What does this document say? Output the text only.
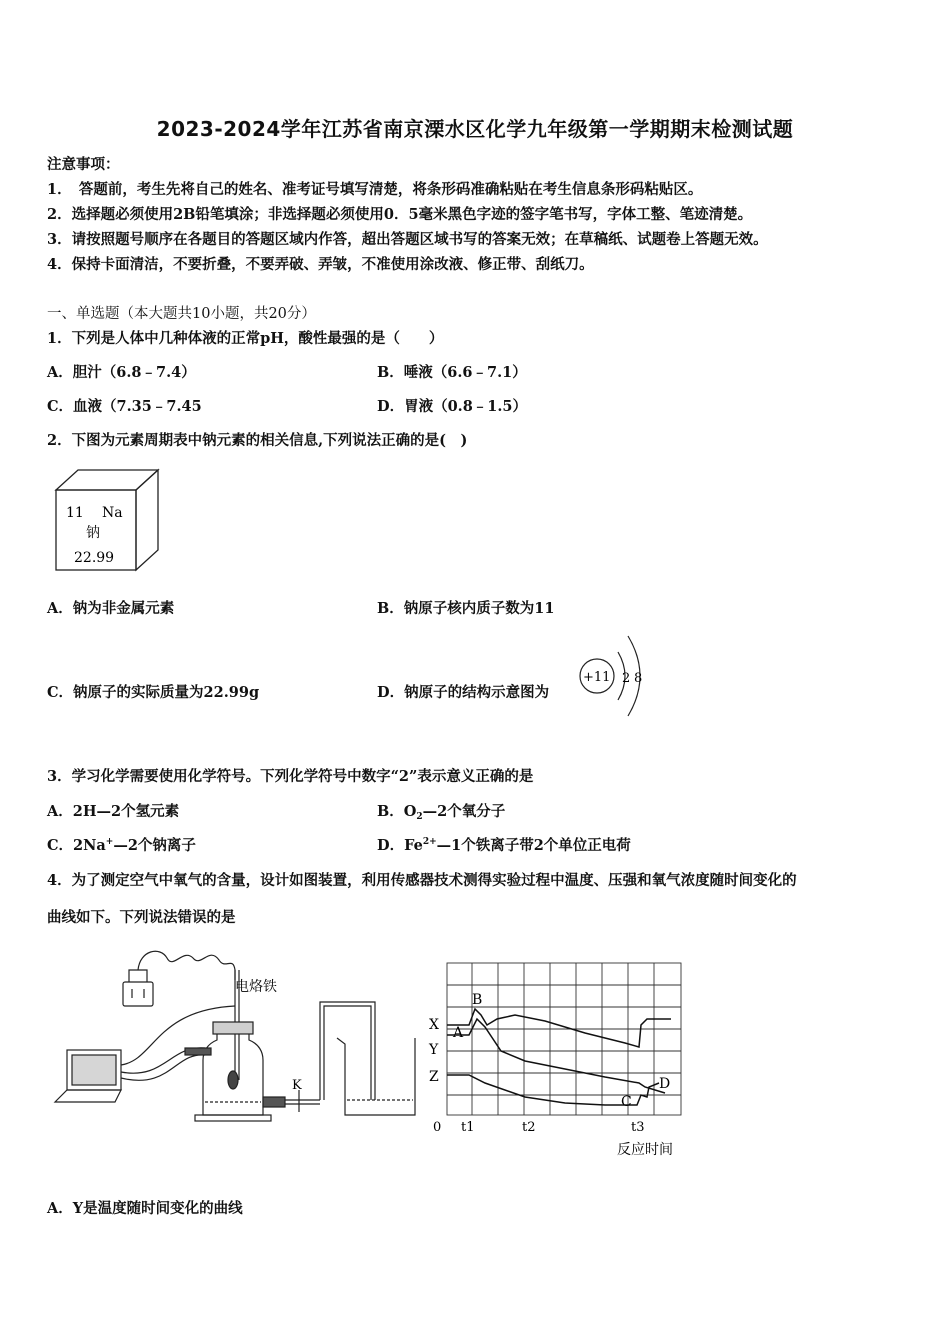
2023-2024学年江苏省南京溧水区化学九年级第一学期期末检测试题
注意事项：
1．　答题前，考生先将自己的姓名、准考证号填写清楚，将条形码准确粘贴在考生信息条形码粘贴区。
2．选择题必须使用2B铅笔填涂；非选择题必须使用0．5毫米黑色字迹的签字笔书写，字体工整、笔迹清楚。
3．请按照题号顺序在各题目的答题区域内作答，超出答题区域书写的答案无效；在草稿纸、试题卷上答题无效。
4．保持卡面清洁，不要折叠，不要弄破、弄皱，不准使用涂改液、修正带、刮纸刀。
一、单选题（本大题共10小题，共20分）
1．下列是人体中几种体液的正常pH，酸性最强的是（　　）
A．胆汁（6.8﹣7.4）	B．唾液（6.6﹣7.1）
C．血液（7.35﹣7.45	D．胃液（0.8﹣1.5）
2．下图为元素周期表中钠元素的相关信息,下列说法正确的是(　)
11 Na
钠
22.99
A．钠为非金属元素	B．钠原子核内质子数为11
C．钠原子的实际质量为22.99g	D．钠原子的结构示意图为
+11 2 8
3．学习化学需要使用化学符号。下列化学符号中数字“2”表示意义正确的是
A．2H—2个氢元素	B．$O_2—2$个氧分子
C．2Na+—2个钠离子	D．$Fe^{2+}—1$个铁离子带2个单位正电荷
4．为了测定空气中氧气的含量，设计如图装置，利用传感器技术测得实验过程中温度、压强和氧气浓度随时间变化的
曲线如下。下列说法错误的是
电烙铁
K
X
Y
Z
A
B
C
D
0 t1	t2	t3
反应时间
A．Y是温度随时间变化的曲线
